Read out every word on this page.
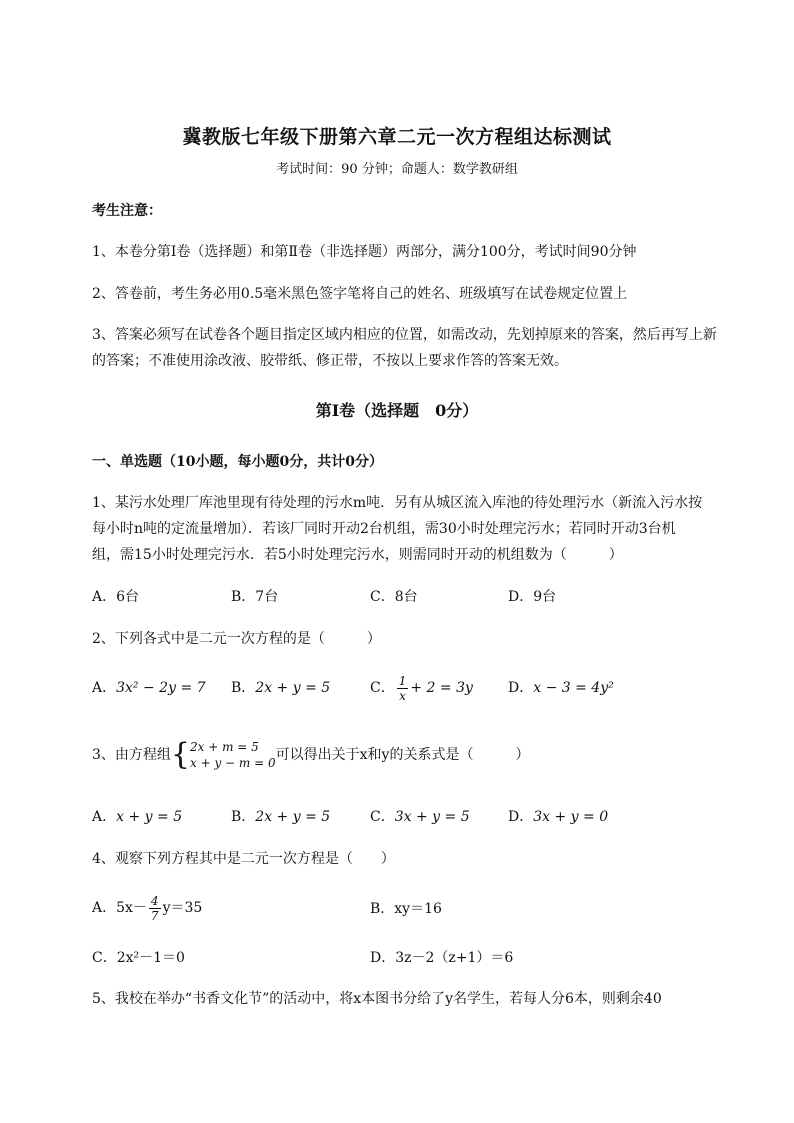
冀教版七年级下册第六章二元一次方程组达标测试
考试时间：90 分钟；命题人：数学教研组
考生注意：
1、本卷分第Ⅰ卷（选择题）和第Ⅱ卷（非选择题）两部分，满分100分，考试时间90分钟
2、答卷前，考生务必用0.5毫米黑色签字笔将自己的姓名、班级填写在试卷规定位置上
3、答案必须写在试卷各个题目指定区域内相应的位置，如需改动，先划掉原来的答案，然后再写上新
的答案；不准使用涂改液、胶带纸、修正带，不按以上要求作答的答案无效。
第Ⅰ卷（选择题　0分）
一、单选题（10小题，每小题0分，共计0分）
1、某污水处理厂库池里现有待处理的污水m吨．另有从城区流入库池的待处理污水（新流入污水按
每小时n吨的定流量增加）．若该厂同时开动2台机组，需30小时处理完污水；若同时开动3台机
组，需15小时处理完污水．若5小时处理完污水，则需同时开动的机组数为（　　　）
A．6台	B．7台	C．8台	D．9台
2、下列各式中是二元一次方程的是（　　　）
A．3x² − 2y = 7 B．2x + y = 5	C． $\frac{1}{x} + 2 = 3y$	D．x − 3 = 4y²
3、由方程组{ 2x + m = 5
x + y − m = 0 可以得出关于x和y的关系式是（　　　）
A．x + y = 5	B．2x + y = 5	C．3x + y = 5	D．3x + y = 0
4、观察下列方程其中是二元一次方程是（　　）
A．$5x- \frac{4}{7} y=35$	B．xy＝16
C．2x²－1＝0	D．3z－2（z+1）＝6
5、我校在举办“书香文化节”的活动中，将x本图书分给了y名学生，若每人分6本，则剩余40
